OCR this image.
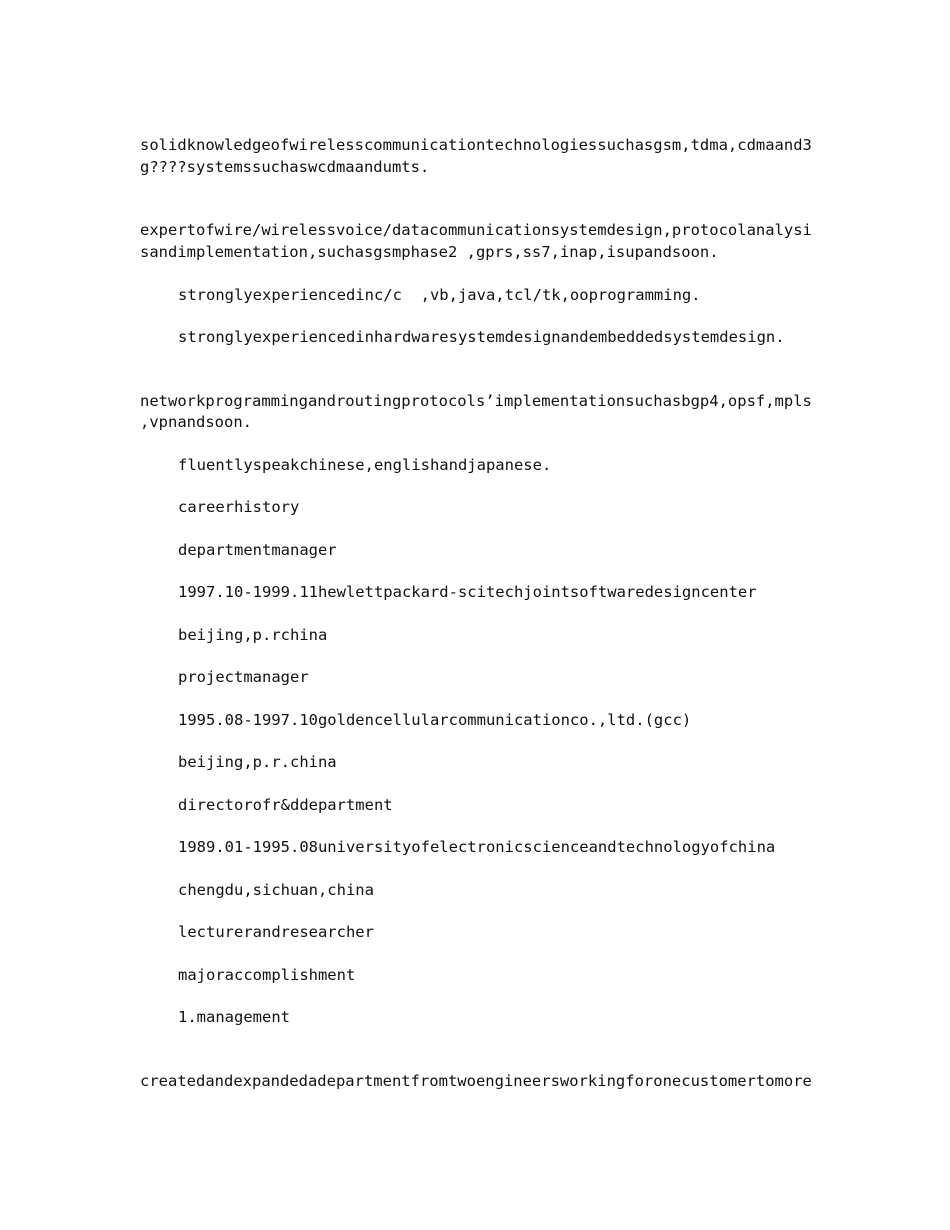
solidknowledgeofwirelesscommunicationtechnologiessuchasgsm,tdma,cdmaand3
g????systemssuchaswcdmaandumts.
expertofwire/wirelessvoice/datacommunicationsystemdesign,protocolanalysi
sandimplementation,suchasgsmphase2 ,gprs,ss7,inap,isupandsoon.
stronglyexperiencedinc/c  ,vb,java,tcl/tk,ooprogramming.
stronglyexperiencedinhardwaresystemdesignandembeddedsystemdesign.
networkprogrammingandroutingprotocols’implementationsuchasbgp4,opsf,mpls
,vpnandsoon.
fluentlyspeakchinese,englishandjapanese.
careerhistory
departmentmanager
1997.10-1999.11hewlettpackard-scitechjointsoftwaredesigncenter
beijing,p.rchina
projectmanager
1995.08-1997.10goldencellularcommunicationco.,ltd.(gcc)
beijing,p.r.china
directorofr&ddepartment
1989.01-1995.08universityofelectronicscienceandtechnologyofchina
chengdu,sichuan,china
lecturerandresearcher
majoraccomplishment
1.management
createdandexpandedadepartmentfromtwoengineersworkingforonecustomertomore
